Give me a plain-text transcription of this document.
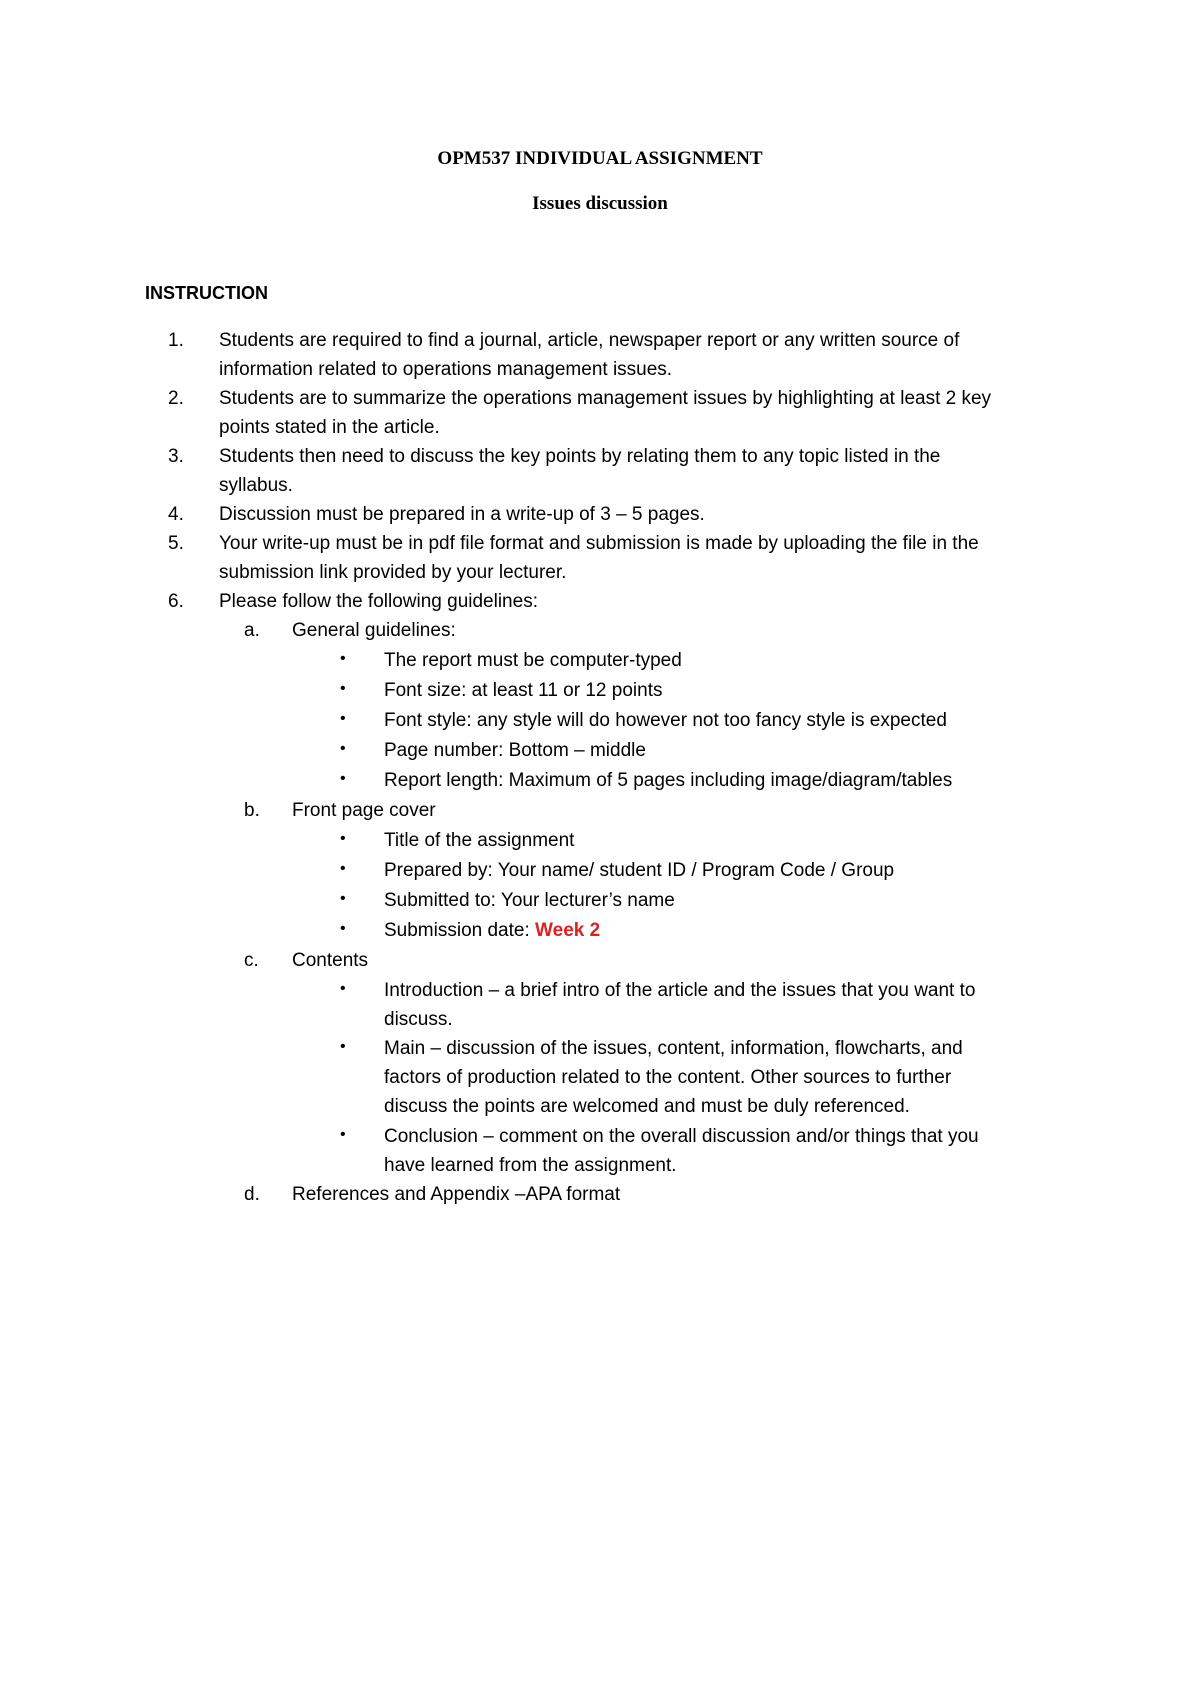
OPM537 INDIVIDUAL ASSIGNMENT
Issues discussion
INSTRUCTION
1.	Students are required to find a journal, article, newspaper report or any written source of
information related to operations management issues.
2.	Students are to summarize the operations management issues by highlighting at least 2 key
points stated in the article.
3.	Students then need to discuss the key points by relating them to any topic listed in the
syllabus.
4.	Discussion must be prepared in a write-up of 3 – 5 pages.
5.	Your write-up must be in pdf file format and submission is made by uploading the file in the
submission link provided by your lecturer.
6.	Please follow the following guidelines:
a.	General guidelines:
•	The report must be computer-typed
•	Font size: at least 11 or 12 points
•	Font style: any style will do however not too fancy style is expected
•	Page number: Bottom – middle
•	Report length: Maximum of 5 pages including image/diagram/tables
b.	Front page cover
•	Title of the assignment
•	Prepared by: Your name/ student ID / Program Code / Group
•	Submitted to: Your lecturer’s name
•	Submission date: Week 2
c.	Contents
•	Introduction – a brief intro of the article and the issues that you want to
discuss.
•	Main – discussion of the issues, content, information, flowcharts, and
factors of production related to the content. Other sources to further
discuss the points are welcomed and must be duly referenced.
•	Conclusion – comment on the overall discussion and/or things that you
have learned from the assignment.
d.	References and Appendix –APA format
